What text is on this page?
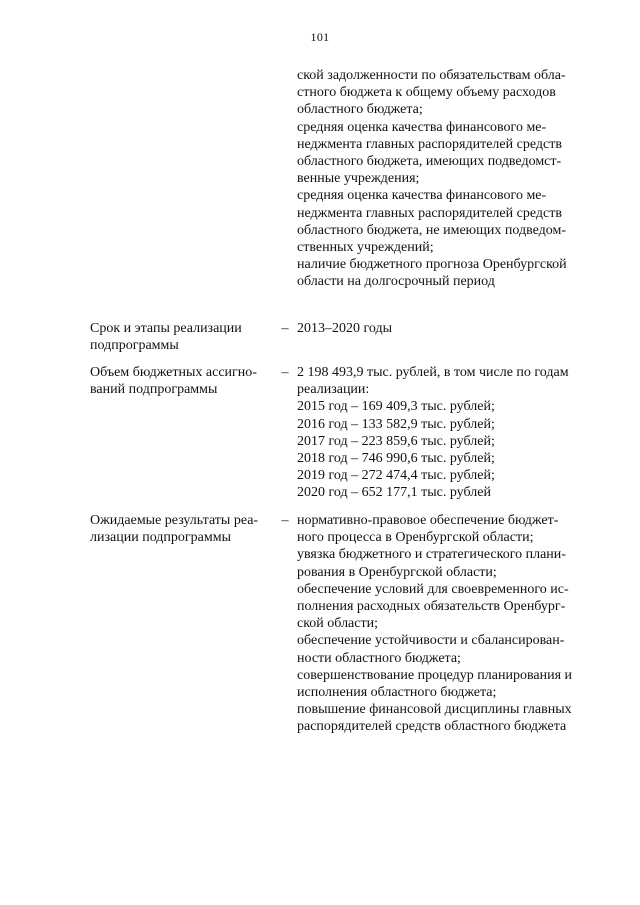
101
ской задолженности по обязательствам обла-
стного бюджета к общему объему расходов
областного бюджета;
средняя оценка качества финансового ме-
неджмента главных распорядителей средств
областного бюджета, имеющих подведомст-
венные учреждения;
средняя оценка качества финансового ме-
неджмента главных распорядителей средств
областного бюджета, не имеющих подведом-
ственных учреждений;
наличие бюджетного прогноза Оренбургской
области на долгосрочный период
Срок и этапы реализации
подпрограммы
– 2013–2020 годы
Объем бюджетных ассигно-
ваний подпрограммы
– 2 198 493,9 тыс. рублей, в том числе по годам
реализации:
2015 год – 169 409,3 тыс. рублей;
2016 год – 133 582,9 тыс. рублей;
2017 год – 223 859,6 тыс. рублей;
2018 год – 746 990,6 тыс. рублей;
2019 год – 272 474,4 тыс. рублей;
2020 год – 652 177,1 тыс. рублей
Ожидаемые результаты реа-
лизации подпрограммы
– нормативно-правовое обеспечение бюджет-
ного процесса в Оренбургской области;
увязка бюджетного и стратегического плани-
рования в Оренбургской области;
обеспечение условий для своевременного ис-
полнения расходных обязательств Оренбург-
ской области;
обеспечение устойчивости и сбалансирован-
ности областного бюджета;
совершенствование процедур планирования и
исполнения областного бюджета;
повышение финансовой дисциплины главных
распорядителей средств областного бюджета
